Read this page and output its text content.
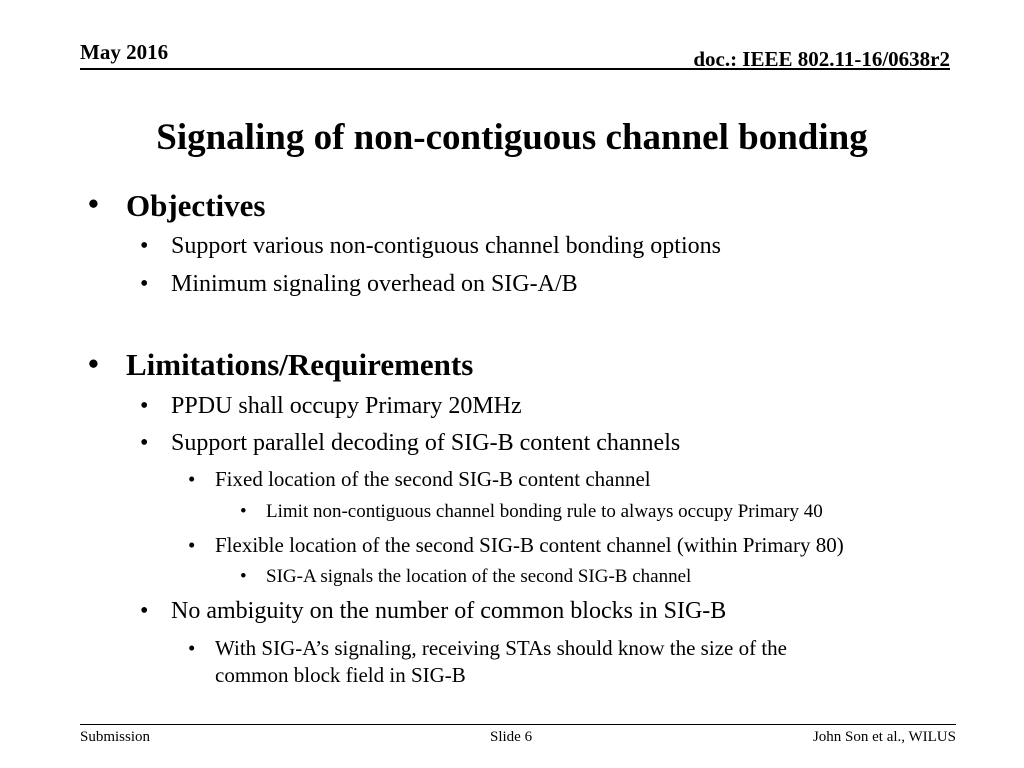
May 2016	doc.: IEEE 802.11-16/0638r2
Signaling of non-contiguous channel bonding
• Objectives
• Support various non-contiguous channel bonding options
• Minimum signaling overhead on SIG-A/B
• Limitations/Requirements
• PPDU shall occupy Primary 20MHz
• Support parallel decoding of SIG-B content channels
• Fixed location of the second SIG-B content channel
• Limit non-contiguous channel bonding rule to always occupy Primary 40
• Flexible location of the second SIG-B content channel (within Primary 80)
• SIG-A signals the location of the second SIG-B channel
• No ambiguity on the number of common blocks in SIG-B
• With SIG-A’s signaling, receiving STAs should know the size of the
common block field in SIG-B
Submission	Slide 6	John Son et al., WILUS
